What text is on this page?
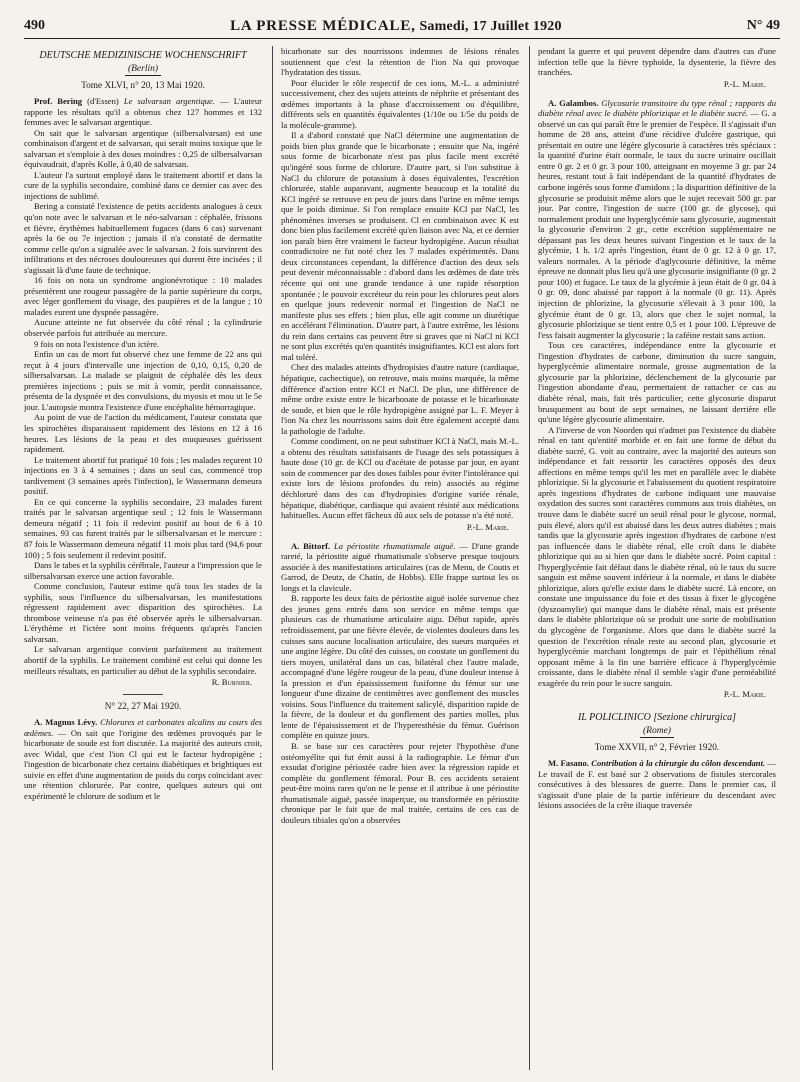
490	LA PRESSE MÉDICALE, Samedi, 17 Juillet 1920	N° 49
DEUTSCHE MEDIZINISCHE WOCHENSCHRIFT
(Berlin)
Tome XLVI, n° 20, 13 Mai 1920.

Prof. Bering (d'Essen) Le salvarsan argentique. — L'auteur rapporte les résultats qu'il a obtenus chez 127 hommes et 132 femmes avec le salvarsan argentique.

On sait que le salvarsan argentique (silbersalvarsan) est une combinaison d'argent et de salvarsan, qui serait moins toxique que le salvarsan et s'emploie à des doses moindres : 0,25 de silbersalvarsan équivaudrait, d'après Kolle, à 0,40 de salvarsan.

L'auteur l'a surtout employé dans le traitement abortif et dans la cure de la syphilis secondaire, combiné dans ce dernier cas avec des injections de sublimé.

Bering a constaté l'existence de petits accidents analogues à ceux qu'on note avec le salvarsan et le néo-salvarsan : céphalée, frissons et fièvre, érythèmes habituellement fugaces (dans 6 cas) survenant après la 6e ou 7e injection ; jamais il n'a constaté de dermatite comme celle qu'on a signalée avec le salvarsan. 2 fois survinrent des infiltrations et des nécroses douloureuses qui durent être incisées ; il s'agissait là d'une faute de technique.

16 fois on nota un syndrome angionévrotique : 10 malades présentèrent une rougeur passagère de la partie supérieure du corps, avec léger gonflement du visage, des paupières et de la langue ; 10 malades eurent une dyspnée passagère.

Aucune atteinte ne fut observée du côté rénal ; la cylindrurie observée parfois fut attribuée au mercure.

9 fois on nota l'existence d'un ictère.

Enfin un cas de mort fut observé chez une femme de 22 ans qui reçut à 4 jours d'intervalle une injection de 0,10, 0,15, 0,20 de silbersalvarsan. La malade se plaignit de céphalée dès les deux premières injections ; puis se mit à vomir, perdit connaissance, présenta de la dyspnée et des convulsions, du myosis et mou ut le 5e jour. L'autopsie montra l'existence d'une encéphalite hémorragique.

Au point de vue de l'action du médicament, l'auteur constata que les spirochètes disparaissent rapidement des lésions en 12 à 16 heures. Les lésions de la peau et des muqueuses guérissent rapidement.

Le traitement abortif fut pratiqué 10 fois ; les malades reçurent 10 injections en 3 à 4 semaines ; dans un seul cas, commencé trop tardivement (3 semaines après l'infection), le Wassermann demeura positif.

En ce qui concerne la syphilis secondaire, 23 malades furent traités par le salvarsan argentique seul ; 12 fois le Wassermann demeura négatif ; 11 fois il redevint positif au bout de 6 à 10 semaines. 93 cas furent traités par le silbersalvarsan et le mercure : 87 fois le Wassermann demeura négatif 11 mois plus tard (94,6 pour 100) ; 5 fois seulement il redevint positif.

Dans le tabes et la syphilis cérébrale, l'auteur a l'impression que le silbersalvarsan exerce une action favorable.

Comme conclusion, l'auteur estime qu'à tous les stades de la syphilis, sous l'influence du silbersalvarsan, les manifestations régressent rapidement avec disparition des spirochètes. La thrombose veineuse n'a pas été observée après le silbersalvarsan. L'érythème et l'ictère sont moins fréquents qu'après l'ancien salvarsan.

Le salvarsan argentique convient parfaitement au traitement abortif de la syphilis. Le traitement combiné est celui qui donne les meilleurs résultats, en particulier au début de la syphilis secondaire.

R. Burnier.
N° 22, 27 Mai 1920.

A. Magnus Lévy. Chlorures et carbonates alcalins au cours des œdèmes. — On sait que l'origine des œdèmes provoqués par le bicarbonate de soude est fort discutée. La majorité des auteurs croit, avec Widal, que c'est l'ion Cl qui est le facteur hydropigène ; l'ingestion de bicarbonate chez certains diabétiques et brightiques est suivie en effet d'une augmentation de poids du corps coïncidant avec une rétention chlorurée. Par contre, quelques auteurs qui ont expérimenté le chlorure de sodium et le

bicarbonate sur des nourrissons indemnes de lésions rénales soutiennent que c'est la rétention de l'ion Na qui provoque l'hydratation des tissus.

Pour élucider le rôle respectif de ces ions, M.-L. a administré successivement, chez des sujets atteints de néphrite et présentant des œdèmes importants à la phase d'accroissement ou d'équilibre, différents sels en quantités équivalentes (1/10e ou 1/5e du poids de la molécule-gramme).

Il a d'abord constaté que NaCl détermine une augmentation de poids bien plus grande que le bicarbonate ; ensuite que Na, ingéré sous forme de bicarbonate n'est pas plus facile ment excrété qu'ingéré sous forme de chlorure. D'autre part, si l'on substitue à NaCl du chlorure de potassium à doses équivalentes, l'excrétion chlorurée, stable auparavant, augmente beaucoup et la totalité du KCl ingéré se retrouve en peu de jours dans l'urine en même temps que le poids diminue. Si l'on remplace ensuite KCl par NaCl, les phénomènes inverses se produisent. Cl en combinaison avec K est donc bien plus facilement excrété qu'en liaison avec Na, et ce dernier ion paraît bien être vraiment le facteur hydropigène. Aucun résultat contradictoire ne fut noté chez les 7 malades expérimentés. Dans deux circonstances cependant, la différence d'action des deux sels peut devenir méconnaissable : d'abord dans les œdèmes de date très récente qui ont une grande tendance à une rapide résorption spontanée ; le pouvoir excréteur du rein pour les chlorures peut alors en quelque jours redevenir normal et l'ingestion de NaCl ne manifeste plus ses effets ; bien plus, elle agit comme un diurétique en accélérant l'élimination. D'autre part, à l'autre extrême, les lésions du rein dans certains cas peuvent être si graves que ni NaCl ni KCl ne sont plus excrétés qu'en quantités insignifiantes. KCl est alors fort mal toléré.

Chez des malades atteints d'hydropisies d'autre nature (cardiaque, hépatique, cachectique), on retrouve, mais moins marquée, la même différence d'action entre KCl et NaCl. De plus, une différence de même ordre existe entre le bicarbonate de potasse et le bicarbonate de soude, et bien que le rôle hydropigène assigné par L. F. Meyer à l'ion Na chez les nourrissons sains doit être également accepté dans la pathologie de l'adulte.

Comme condiment, on ne peut substituer KCl à NaCl, mais M.-L. a obtenu des résultats satisfaisants de l'usage des sels potassiques à haute dose (10 gr. de KCl ou d'acétate de potasse par jour, en ayant soin de commencer par des doses faibles pour éviter l'intolérance qui existe lors de lésions profondes du rein) associés au régime déchloruré dans des cas d'hydropisies d'origine variée rénale, hépatique, diabétique, cardiaque qui avaient résisté aux médications habituelles. Aucun effet fâcheux dû aux sels de potasse n'a été noté.

P.-L. Marie.

A. Bittorf. La périostite rhumatismale aiguë. — D'une grande rareté, la périostite aiguë rhumatismale s'observe presque toujours associée à des manifestations articulaires (cas de Menu, de Coutts et Garrod, de Deutz, de Chatin, de Hobbs). Elle frappe surtout les os longs et la clavicule.

B. rapporte les deux faits de périostite aiguë isolée survenue chez des jeunes gens entrés dans son service en même temps que plusieurs cas de rhumatisme articulaire aigu. Début rapide, après refroidissement, par une fièvre élevée, de violentes douleurs dans les cuisses sans aucune localisation articulaire, des sueurs marquées et une angine légère. Du côté des cuisses, on constate un gonflement du tiers moyen, unilatéral dans un cas, bilatéral chez l'autre malade, accompagné d'une légère rougeur de la peau, d'une douleur intense à la pression et d'un épaississement fusiforme du fémur sur une longueur d'une dizaine de centimètres avec gonflement des muscles voisins. Sous l'influence du traitement salicylé, disparition rapide de la fièvre, de la douleur et du gonflement des parties molles, plus lente de l'épaississement et de l'hyperesthésie du fémur. Guérison complète en quinze jours.

B. se base sur ces caractères pour rejeter l'hypothèse d'une ostéomyélite qui fut émit aussi à la radiographie. Le fémur d'un exsudat d'origine périostée cadre bien avec la régression rapide et complète du gonflement fémoral. Pour B. ces accidents seraient peut-être moins rares qu'on ne le pense et il attribue à une périostite rhumatismale aiguë, passée inaperçue, ou transformée en périostite chronique par le fait que de mal traitée, certains de ces cas de douleurs tibiales qu'on a observées

pendant la guerre et qui peuvent dépendre dans d'autres cas d'une infection telle que la fièvre typhoïde, la dysenterie, la fièvre des tranchées.

P.-L. Marie.

A. Galambos. Glycosurie transitoire du type rénal ; rapports du diabète rénal avec le diabète phlorizique et le diabète sucré. — G. a observé un cas qui paraît être le premier de l'espèce. Il s'agissait d'un homme de 28 ans, atteint d'une récidive d'ulcère gastrique, qui présentait en outre une légère glycosurie à caractères très spéciaux : la quantité d'urine était normale, le taux du sucre urinaire oscillait entre 0 gr. 2 et 0 gr. 3 pour 100, atteignant en moyenne 3 gr. par 24 heures, restant tout à fait indépendant de la quantité d'hydrates de carbone ingérés sous forme d'amidons ; la disparition définitive de la glycosurie se produisit même alors que le sujet recevait 500 gr. par jour. Par contre, l'ingestion de sucre (100 gr. de glycose), qui normalement produit une hyperglycémie sans glycosurie, augmentait la glycosurie d'environ 2 gr., cette excrétion supplémentaire ne dépassant pas les deux heures suivant l'ingestion et le taux de la glycémie, 1 h. 1/2 après l'ingestion, étant de 0 gr. 12 à 0 gr. 17, valeurs normales. A la période d'aglycosurie définitive, la même épreuve ne donnait plus lieu qu'à une glycosurie insignifiante (0 gr. 2 pour 100) et fugace. Le taux de la glycémie à jeun était de 0 gr. 04 à 0 gr. 09, donc abaissé par rapport à la normale (0 gr. 11). Après injection de phlorizine, la glycosurie s'élevait à 3 pour 100, la glycémie étant de 0 gr. 13, alors que chez le sujet normal, la glycosurie phlorizique se tient entre 0,5 et 1 pour 100. L'épreuve de l'ess faisait augmenter la glycosurie ; la caféine restait sans action.

Tous ces caractères, indépendance entre la glycosurie et l'ingestion d'hydrates de carbone, diminution du sucre sanguin, hyperglycémie alimentaire normale, grosse augmentation de la glycosurie par la phlorizine, déclenchement de la glycosurie par l'ingestion abondante d'eau, permettaient de rattacher ce cas au diabète rénal, mais, fait très particulier, cette glycosurie disparut brusquement au bout de sept semaines, ne laissant derrière elle qu'une légère glycosurie alimentaire.

A l'inverse de von Noorden qui n'admet pas l'existence du diabète rénal en tant qu'entité morbide et en fait une forme de début du diabète sucré, G. voit au contraire, avec la majorité des auteurs son indépendance et fait ressortir les caractères opposés des deux affections en même temps qu'il les met en parallèle avec le diabète phlorizique. Si la glycosurie et l'abaissement du quotient respiratoire après ingestions d'hydrates de carbone indiquant une mauvaise oxydation des sucres sont caractères communs aux trois diabètes, on trouve dans le diabète sucré un seuil rénal pour le glycose, normal, puis élevé, alors qu'il est abaissé dans les deux autres diabètes ; mais tandis que la glycosurie après ingestion d'hydrates de carbone n'est pas influencée dans le diabète rénal, elle croît dans le diabète phlorizique qui au si bien que dans le diabète sucré. Point capital : l'hyperglycémie fait défaut dans le diabète rénal, où le taux du sucre sanguin est même souvent inférieur à la normale, et dans le diabète phlorizique, alors qu'elle existe dans le diabète sucré. Là encore, on constate une impuissance du foie et des tissus à fixer le glycogène (dyszoamylie) qui manque dans le diabète rénal, mais est présente dans le diabète phlorizique où se produit une sorte de mobilisation du glycogène de l'organisme. Alors que dans le diabète sucré la question de l'excrétion rénale reste au second plan, glycosurie et hyperglycémie marchant longtemps de pair et l'épithélium rénal opposant même à la fin une barrière efficace à l'hyperglycémie croissante, dans le diabète rénal il semble s'agir d'une perméabilité exagérée du rein pour le sucre sanguin.

P.-L. Marie.
IL POLICLINICO [Sezione chirurgica]
(Rome)
Tome XXVII, n° 2, Février 1920.

M. Fasano. Contribution à la chirurgie du côlon descendant. — Le travail de F. est basé sur 2 observations de fistules stercorales consécutives à des blessures de guerre. Dans le premier cas, il s'agissait d'une plaie de la partie inférieure du descendant avec lésions associées de la crête iliaque traversée
